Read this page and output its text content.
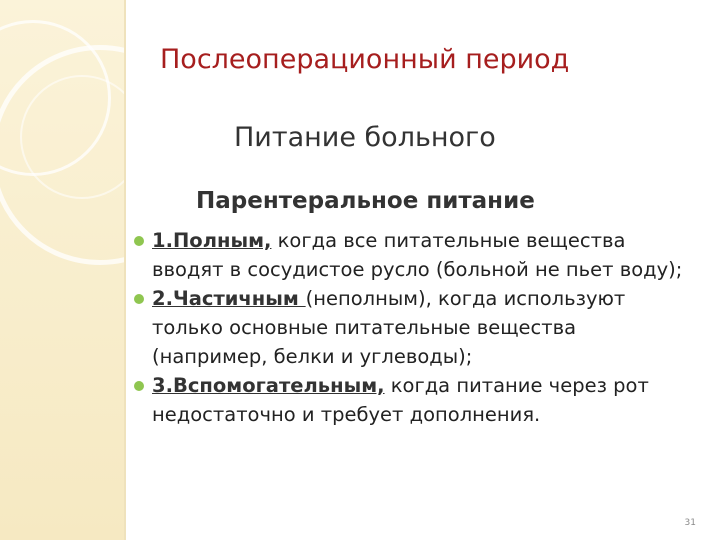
Послеоперационный период
Питание больного
Парентеральное питание
1.Полным, когда все питательные вещества вводят в сосудистое русло (больной не пьет воду);
2.Частичным (неполным), когда используют только основные питательные вещества (например, белки и углеводы);
3.Вспомогательным, когда питание через рот недостаточно и требует дополнения.
31
